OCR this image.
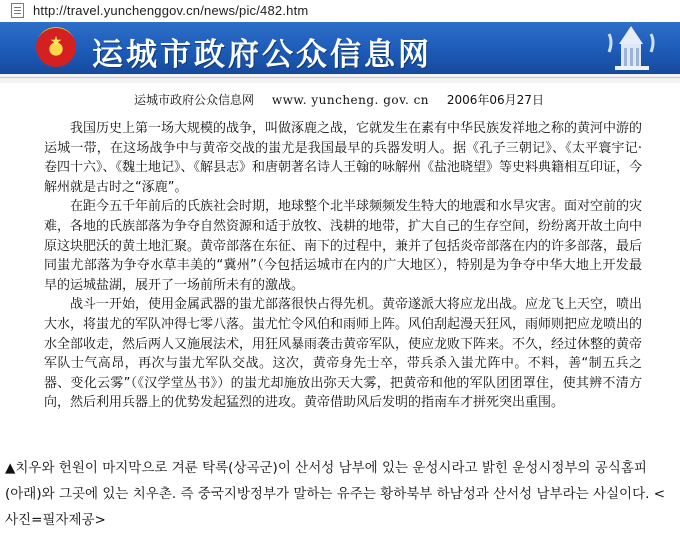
http://travel.yunchenggov.cn/news/pic/482.htm
★ 运城市政府公众信息网
运城市政府公众信息网 www. yuncheng. gov. cn 2006年06月27日

我国历史上第一场大规模的战争，叫做涿鹿之战，它就发生在素有中华民族发祥地之称的黄河中游的运城一带，在这场战争中与黄帝交战的蚩尤是我国最早的兵器发明人。据《孔子三朝记》、《太平寰宇记·卷四十六》、《魏土地记》、《解县志》和唐朝著名诗人王翰的咏解州《盐池晓望》等史料典籍相互印证，今解州就是古时之“涿鹿”。

在距今五千年前后的氏族社会时期，地球整个北半球频频发生特大的地震和水旱灾害。面对空前的灾难，各地的氏族部落为争夺自然资源和适于放牧、浅耕的地带，扩大自己的生存空间，纷纷离开故土向中原这块肥沃的黄土地汇聚。黄帝部落在东征、南下的过程中，兼并了包括炎帝部落在内的许多部落，最后同蚩尤部落为争夺水草丰美的“冀州”（今包括运城市在内的广大地区），特别是为争夺中华大地上开发最早的运城盐湖，展开了一场前所未有的激战。

战斗一开始，使用金属武器的蚩尤部落很快占得先机。黄帝遂派大将应龙出战。应龙飞上天空，喷出大水，将蚩尤的军队冲得七零八落。蚩尤忙令风伯和雨师上阵。风伯刮起漫天狂风，雨师则把应龙喷出的水全部收走，然后两人又施展法术，用狂风暴雨袭击黄帝军队，使应龙败下阵来。不久，经过休整的黄帝军队士气高昂，再次与蚩尤军队交战。这次，黄帝身先士卒，带兵杀入蚩尤阵中。不料，善“制五兵之器、变化云雾”（《汉学堂丛书》）的蚩尤却施放出弥天大雾，把黄帝和他的军队团团罩住，使其辨不清方向，然后利用兵器上的优势发起猛烈的进攻。黄帝借助风后发明的指南车才拼死突出重围。

▲치우와 헌원이 마지막으로 겨룬 탁록(상곡군)이 산서성 남부에 있는 운성시라고 밝힌 운성시정부의 공식홈피(아래)와 그곳에 있는 치우촌. 즉 중국지방정부가 말하는 유주는 황하북부 하남성과 산서성 남부라는 사실이다. <사진=필자제공>
